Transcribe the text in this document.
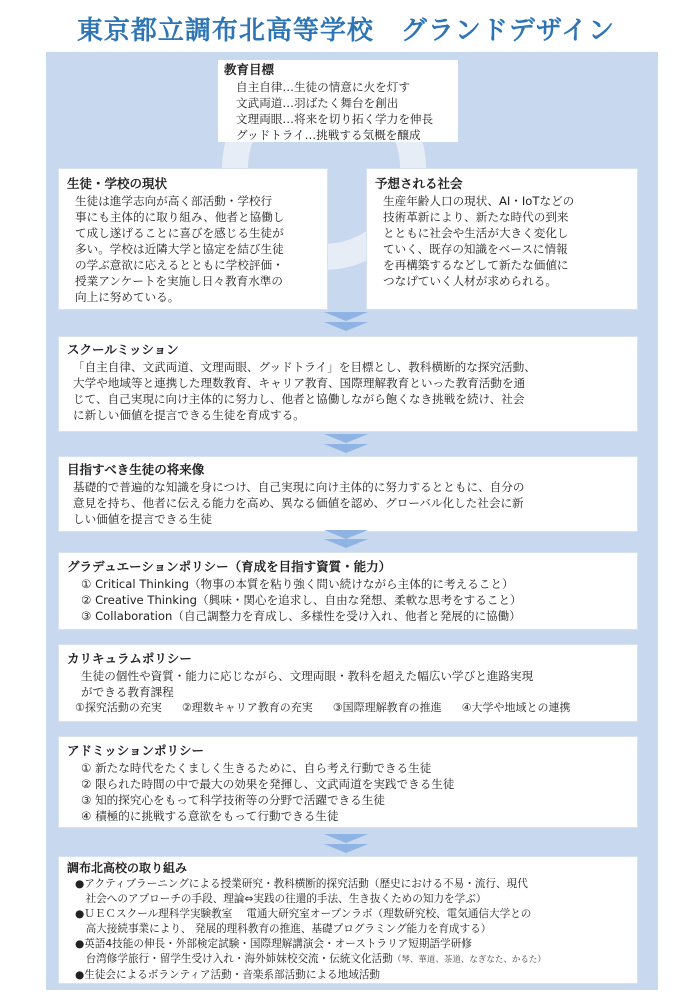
東京都立調布北高等学校　グランドデザイン
教育目標
自主自律…生徒の情意に火を灯す
文武両道…羽ばたく舞台を創出
文理両眼…将来を切り拓く学力を伸長
グッドトライ…挑戦する気概を醸成
生徒・学校の現状
生徒は進学志向が高く部活動・学校行
事にも主体的に取り組み、他者と協働し
て成し遂げることに喜びを感じる生徒が
多い。学校は近隣大学と協定を結び生徒
の学ぶ意欲に応えるとともに学校評価・
授業アンケートを実施し日々教育水準の
向上に努めている。
予想される社会
生産年齢人口の現状、AI・IoTなどの
技術革新により、新たな時代の到来
とともに社会や生活が大きく変化し
ていく、既存の知識をベースに情報
を再構築するなどして新たな価値に
つなげていく人材が求められる。
スクールミッション
「自主自律、文武両道、文理両眼、グッドトライ」を目標とし、教科横断的な探究活動、
大学や地域等と連携した理数教育、キャリア教育、国際理解教育といった教育活動を通
じて、自己実現に向け主体的に努力し、他者と協働しながら飽くなき挑戦を続け、社会
に新しい価値を提言できる生徒を育成する。
目指すべき生徒の将来像
基礎的で普遍的な知識を身につけ、自己実現に向け主体的に努力するとともに、自分の
意見を持ち、他者に伝える能力を高め、異なる価値を認め、グローバル化した社会に新
しい価値を提言できる生徒
グラデュエーションポリシー（育成を目指す資質・能力）
① Critical Thinking（物事の本質を粘り強く問い続けながら主体的に考えること）
② Creative Thinking（興味・関心を追求し、自由な発想、柔軟な思考をすること）
③ Collaboration（自己調整力を育成し、多様性を受け入れ、他者と発展的に協働）
カリキュラムポリシー
生徒の個性や資質・能力に応じながら、文理両眼・教科を超えた幅広い学びと進路実現
ができる教育課程
①探究活動の充実 ②理数キャリア教育の充実 ③国際理解教育の推進 ④大学や地域との連携
アドミッションポリシー
① 新たな時代をたくましく生きるために、自ら考え行動できる生徒
② 限られた時間の中で最大の効果を発揮し、文武両道を実践できる生徒
③ 知的探究心をもって科学技術等の分野で活躍できる生徒
④ 積極的に挑戦する意欲をもって行動できる生徒
調布北高校の取り組み
●アクティブラーニングによる授業研究・教科横断的探究活動（歴史における不易・流行、現代
　社会へのアプローチの手段、理論⇔実践の往還的手法、生き抜くための知力を学ぶ）
●ＵＥＣスクール理科学実験教室　 電通大研究室オープンラボ（理数研究校、電気通信大学との
　高大接続事業により、 発展的理科教育の推進、基礎プログラミング能力を育成する）
●英語4技能の伸長・外部検定試験・国際理解講演会・オーストラリア短期語学研修
　台湾修学旅行・留学生受け入れ・海外姉妹校交流・伝統文化活動（琴、華道、茶道、なぎなた、かるた）
●生徒会によるボランティア活動・音楽系部活動による地域活動
